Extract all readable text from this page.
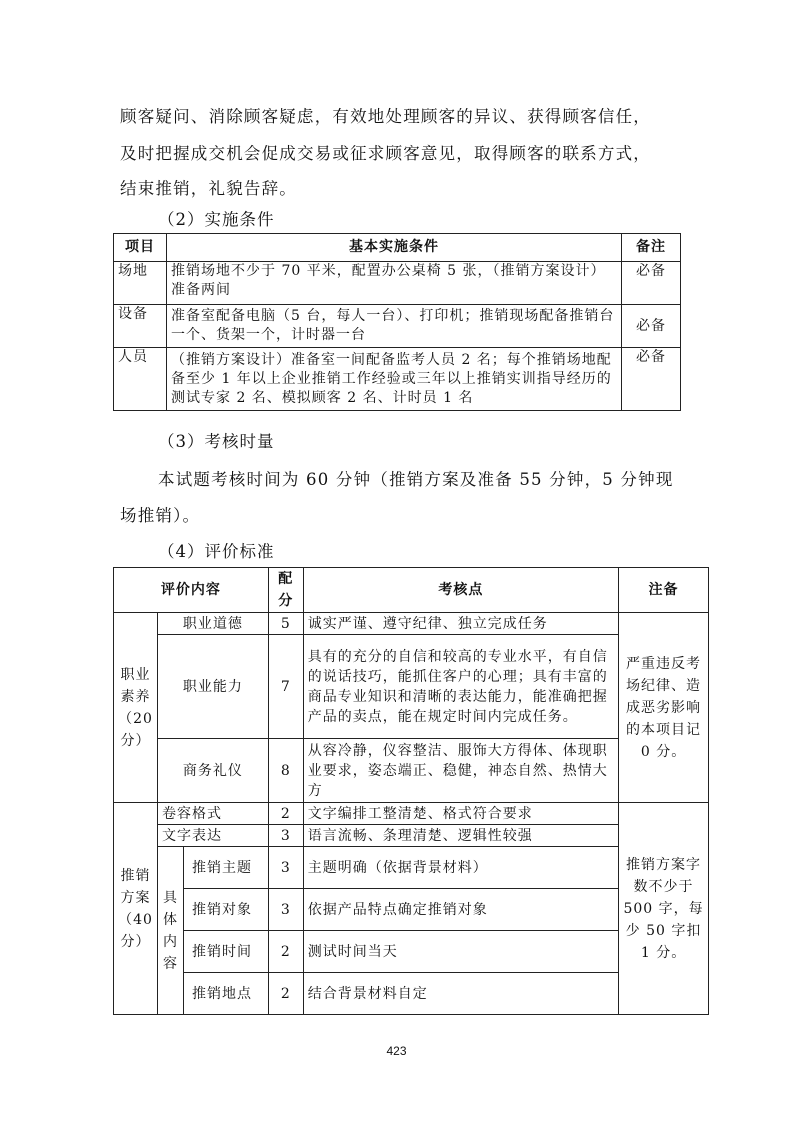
顾客疑问、消除顾客疑虑，有效地处理顾客的异议、获得顾客信任，
及时把握成交机会促成交易或征求顾客意见，取得顾客的联系方式，
结束推销，礼貌告辞。
（2）实施条件
项目	基本实施条件	备注
场地	推销场地不少于 70 平米，配置办公桌椅 5 张，（推销方案设计）准备两间	必备
设备	准备室配备电脑（5 台，每人一台）、打印机；推销现场配备推销台一个、货架一个，计时器一台	必备
人员	（推销方案设计）准备室一间配备监考人员 2 名；每个推销场地配备至少 1 年以上企业推销工作经验或三年以上推销实训指导经历的测试专家 2 名、模拟顾客 2 名、计时员 1 名	必备
（3）考核时量
本试题考核时间为 60 分钟（推销方案及准备 55 分钟，5 分钟现
场推销）。
（4）评价标准
评价内容			配分	考核点	注备
职业素养（20分）	职业道德		5	诚实严谨、遵守纪律、独立完成任务	严重违反考场纪律、造成恶劣影响的本项目记 0 分。
	职业能力		7	具有的充分的自信和较高的专业水平，有自信的说话技巧，能抓住客户的心理；具有丰富的商品专业知识和清晰的表达能力，能准确把握产品的卖点，能在规定时间内完成任务。	
	商务礼仪		8	从容冷静，仪容整洁、服饰大方得体、体现职业要求，姿态端正、稳健，神态自然、热情大方	
推销方案（40分）	卷容格式		2	文字编排工整清楚、格式符合要求	推销方案字数不少于 500 字，每少 50 字扣 1 分。
	文字表达		3	语言流畅、条理清楚、逻辑性较强	
	具体内容	推销主题	3	主题明确（依据背景材料）	
		推销对象	3	依据产品特点确定推销对象	
		推销时间	2	测试时间当天	
		推销地点	2	结合背景材料自定	
423
